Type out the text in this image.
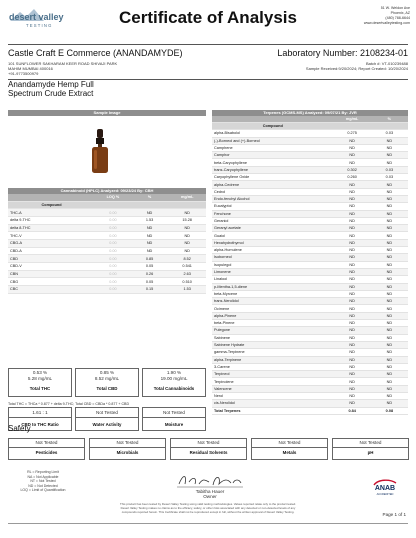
desert valley
TESTING	Certificate of Analysis	51 W. Weldon Ave
Phoenix, AZ
(480) 788-6644
www.desertvalleytesting.com
Castle Craft E Commerce (ANANDAMYDE)	Laboratory Number: 2108234-01
101 SUNFLOWER SAKHARAM KEER ROAD SHIVAJI PARK
MAHIM MUMBAI 400016
+91-9773500979
Batch #: VT-010239488
Sample Received:9/20/2024; Report Created: 10/20/2024
Anandamyde Hemp Full
Spectrum Crude Extract
Sample Image
Cannabinoid (HPLC) Analyzed: 09/23/24 By: CBH
	LOQ %	%	mg/mL
Compound			
THC-A	0.00	ND	ND
delta 9-THC	0.00	1.53	15.28
delta 8-THC	0.00	ND	ND
THC-V	0.00	ND	ND
CBG-A	0.00	ND	ND
CBD-A	0.00	ND	ND
CBD	0.00	0.85	8.52
CBD-V	0.00	0.05	0.541
CBN	0.00	0.26	2.63
CBG	0.00	0.05	0.510
CBC	0.00	0.15	1.53
0.53 %
5.28 mg/mL
Total THC
0.85 %
8.52 mg/mL
Total CBD
1.90 %
19.00 mg/mL
Total Cannabinoids
Total THC = THCa * 0.877 + delta 9-THC; Total CBD = CBDa * 0.877 + CBD
1.61 : 1
CBD to THC Ratio
Not Tested
Water Activity
Not Tested
Moisture
Terpenes (GCMS-MS) Analyzed: 09/07/21 By: JVR
	mg/mL	%
Compound		
alpha-Bisabolol	0.275	0.03
(-)-Borneol and (+)-Borneol	ND	ND
Camphene	ND	ND
Camphor	ND	ND
beta-Caryophyllene	ND	ND
trans-Caryophyllene	0.302	0.03
Caryophyllene Oxide	0.260	0.03
alpha-Cedrene	ND	ND
Cedrol	ND	ND
Endo-fenchyl Alcohol	ND	ND
Eucalyptol	ND	ND
Fenchone	ND	ND
Geraniol	ND	ND
Geranyl acetate	ND	ND
Guaiol	ND	ND
Hexahydrothymol	ND	ND
alpha-Humulene	ND	ND
Isoborneol	ND	ND
Isopulegol	ND	ND
Limonene	ND	ND
Linalool	ND	ND
p-Mentha-1,5-diene	ND	ND
beta-Myrcene	ND	ND
trans-Nerolidol	ND	ND
Ocimene	ND	ND
alpha-Pinene	ND	ND
beta-Pinene	ND	ND
Pulegone	ND	ND
Sabinene	ND	ND
Sabinene Hydrate	ND	ND
gamma-Terpinene	ND	ND
alpha-Terpinene	ND	ND
3-Carene	ND	ND
Terpineol	ND	ND
Terpinolene	ND	ND
Valencene	ND	ND
Nerol	ND	ND
cis-Nerolidol	ND	ND
Total Terpenes	0.84	0.08
Safety
Not Tested
Pesticides
Not Tested
Microbials
Not Tested
Residual Solvents
Not Tested
Metals
Not Tested
pH
RL = Reporting Limit
NA = Not Applicable
NT = Not Tested
ND = Not Detected
LOQ = Limit of Quantification	Tabitha Hauer
Owner
ANAB
ACCREDITED
This product has been tested by Desert Valley Testing using valid testing methodologies. Values reported relate only to the product tested.
Desert Valley Testing makes no claims as to the efficacy, safety, or other risks associated with any detected or non-detected levels of any
compounds reported herein. This Certificate shall not be reproduced except in full, without the written approval of Desert Valley Testing.
Page 1 of 1
